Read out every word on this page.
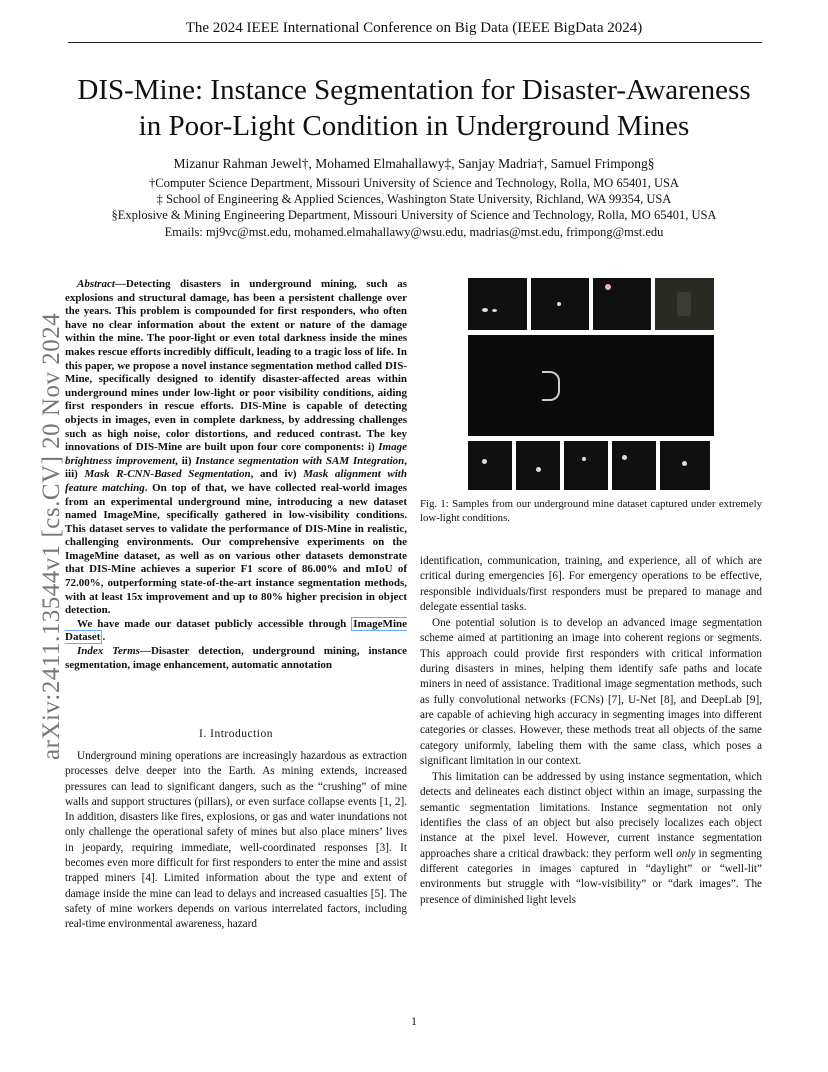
The 2024 IEEE International Conference on Big Data (IEEE BigData 2024)
DIS-Mine: Instance Segmentation for Disaster-Awareness
in Poor-Light Condition in Underground Mines
Mizanur Rahman Jewel†, Mohamed Elmahallawy‡, Sanjay Madria†, Samuel Frimpong§
†Computer Science Department, Missouri University of Science and Technology, Rolla, MO 65401, USA
‡ School of Engineering & Applied Sciences, Washington State University, Richland, WA 99354, USA
§Explosive & Mining Engineering Department, Missouri University of Science and Technology, Rolla, MO 65401, USA
Emails: mj9vc@mst.edu, mohamed.elmahallawy@wsu.edu, madrias@mst.edu, frimpong@mst.edu
arXiv:2411.13544v1 [cs.CV] 20 Nov 2024

Abstract—Detecting disasters in underground mining, such as explosions and structural damage, has been a persistent challenge over the years. This problem is compounded for first responders, who often have no clear information about the extent or nature of the damage within the mine. The poor-light or even total darkness inside the mines makes rescue efforts incredibly difficult, leading to a tragic loss of life. In this paper, we propose a novel instance segmentation method called DIS-Mine, specifically designed to identify disaster-affected areas within underground mines under low-light or poor visibility conditions, aiding first responders in rescue efforts. DIS-Mine is capable of detecting objects in images, even in complete darkness, by addressing challenges such as high noise, color distortions, and reduced contrast. The key innovations of DIS-Mine are built upon four core components: i) Image brightness improvement, ii) Instance segmentation with SAM Integration, iii) Mask R-CNN-Based Segmentation, and iv) Mask alignment with feature matching. On top of that, we have collected real-world images from an experimental underground mine, introducing a new dataset named ImageMine, specifically gathered in low-visibility conditions. This dataset serves to validate the performance of DIS-Mine in realistic, challenging environments. Our comprehensive experiments on the ImageMine dataset, as well as on various other datasets demonstrate that DIS-Mine achieves a superior F1 score of 86.00% and mIoU of 72.00%, outperforming state-of-the-art instance segmentation methods, with at least 15x improvement and up to 80% higher precision in object detection.

We have made our dataset publicly accessible through ImageMine Dataset .

Index Terms—Disaster detection, underground mining, instance segmentation, image enhancement, automatic annotation

I. Introduction

Underground mining operations are increasingly hazardous as extraction processes delve deeper into the Earth. As mining extends, increased pressures can lead to significant dangers, such as the “crushing” of mine walls and support structures (pillars), or even surface collapse events [1, 2]. In addition, disasters like fires, explosions, or gas and water inundations not only challenge the operational safety of mines but also place miners’ lives in jeopardy, requiring immediate, well-coordinated responses [3]. It becomes even more difficult for first responders to enter the mine and assist trapped miners [4]. Limited information about the type and extent of damage inside the mine can lead to delays and increased casualties [5]. The safety of mine workers depends on various interrelated factors, including real-time environmental awareness, hazard

Fig. 1: Samples from our underground mine dataset captured under extremely low-light conditions.

identification, communication, training, and experience, all of which are critical during emergencies [6]. For emergency operations to be effective, responsible individuals/first responders must be prepared to manage and delegate essential tasks.

One potential solution is to develop an advanced image segmentation scheme aimed at partitioning an image into coherent regions or segments. This approach could provide first responders with critical information during disasters in mines, helping them identify safe paths and locate miners in need of assistance. Traditional image segmentation methods, such as fully convolutional networks (FCNs) [7], U-Net [8], and DeepLab [9], are capable of achieving high accuracy in segmenting images into different categories or classes. However, these methods treat all objects of the same category uniformly, labeling them with the same class, which poses a significant limitation in our context.

This limitation can be addressed by using instance segmentation, which detects and delineates each distinct object within an image, surpassing the semantic segmentation limitations. Instance segmentation not only identifies the class of an object but also precisely localizes each object instance at the pixel level. However, current instance segmentation approaches share a critical drawback: they perform well only in segmenting different categories in images captured in “daylight” or “well-lit” environments but struggle with “low-visibility” or “dark images”. The presence of diminished light levels

1
